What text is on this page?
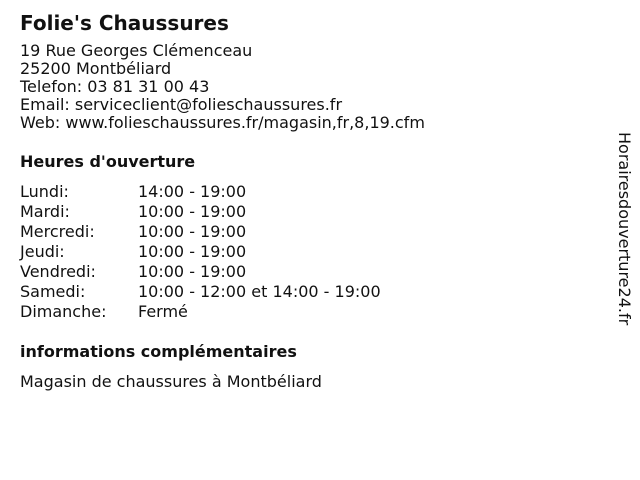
Folie's Chaussures
19 Rue Georges Clémenceau
25200 Montbéliard
Telefon: 03 81 31 00 43
Email: serviceclient@folieschaussures.fr
Web: www.folieschaussures.fr/magasin,fr,8,19.cfm
Heures d'ouverture
Lundi:	14:00 - 19:00
Mardi:	10:00 - 19:00
Mercredi:	10:00 - 19:00
Jeudi:	10:00 - 19:00
Vendredi:	10:00 - 19:00
Samedi:	10:00 - 12:00 et 14:00 - 19:00
Dimanche:	Fermé
informations complémentaires
Magasin de chaussures à Montbéliard
Horairesdouverture24.fr
